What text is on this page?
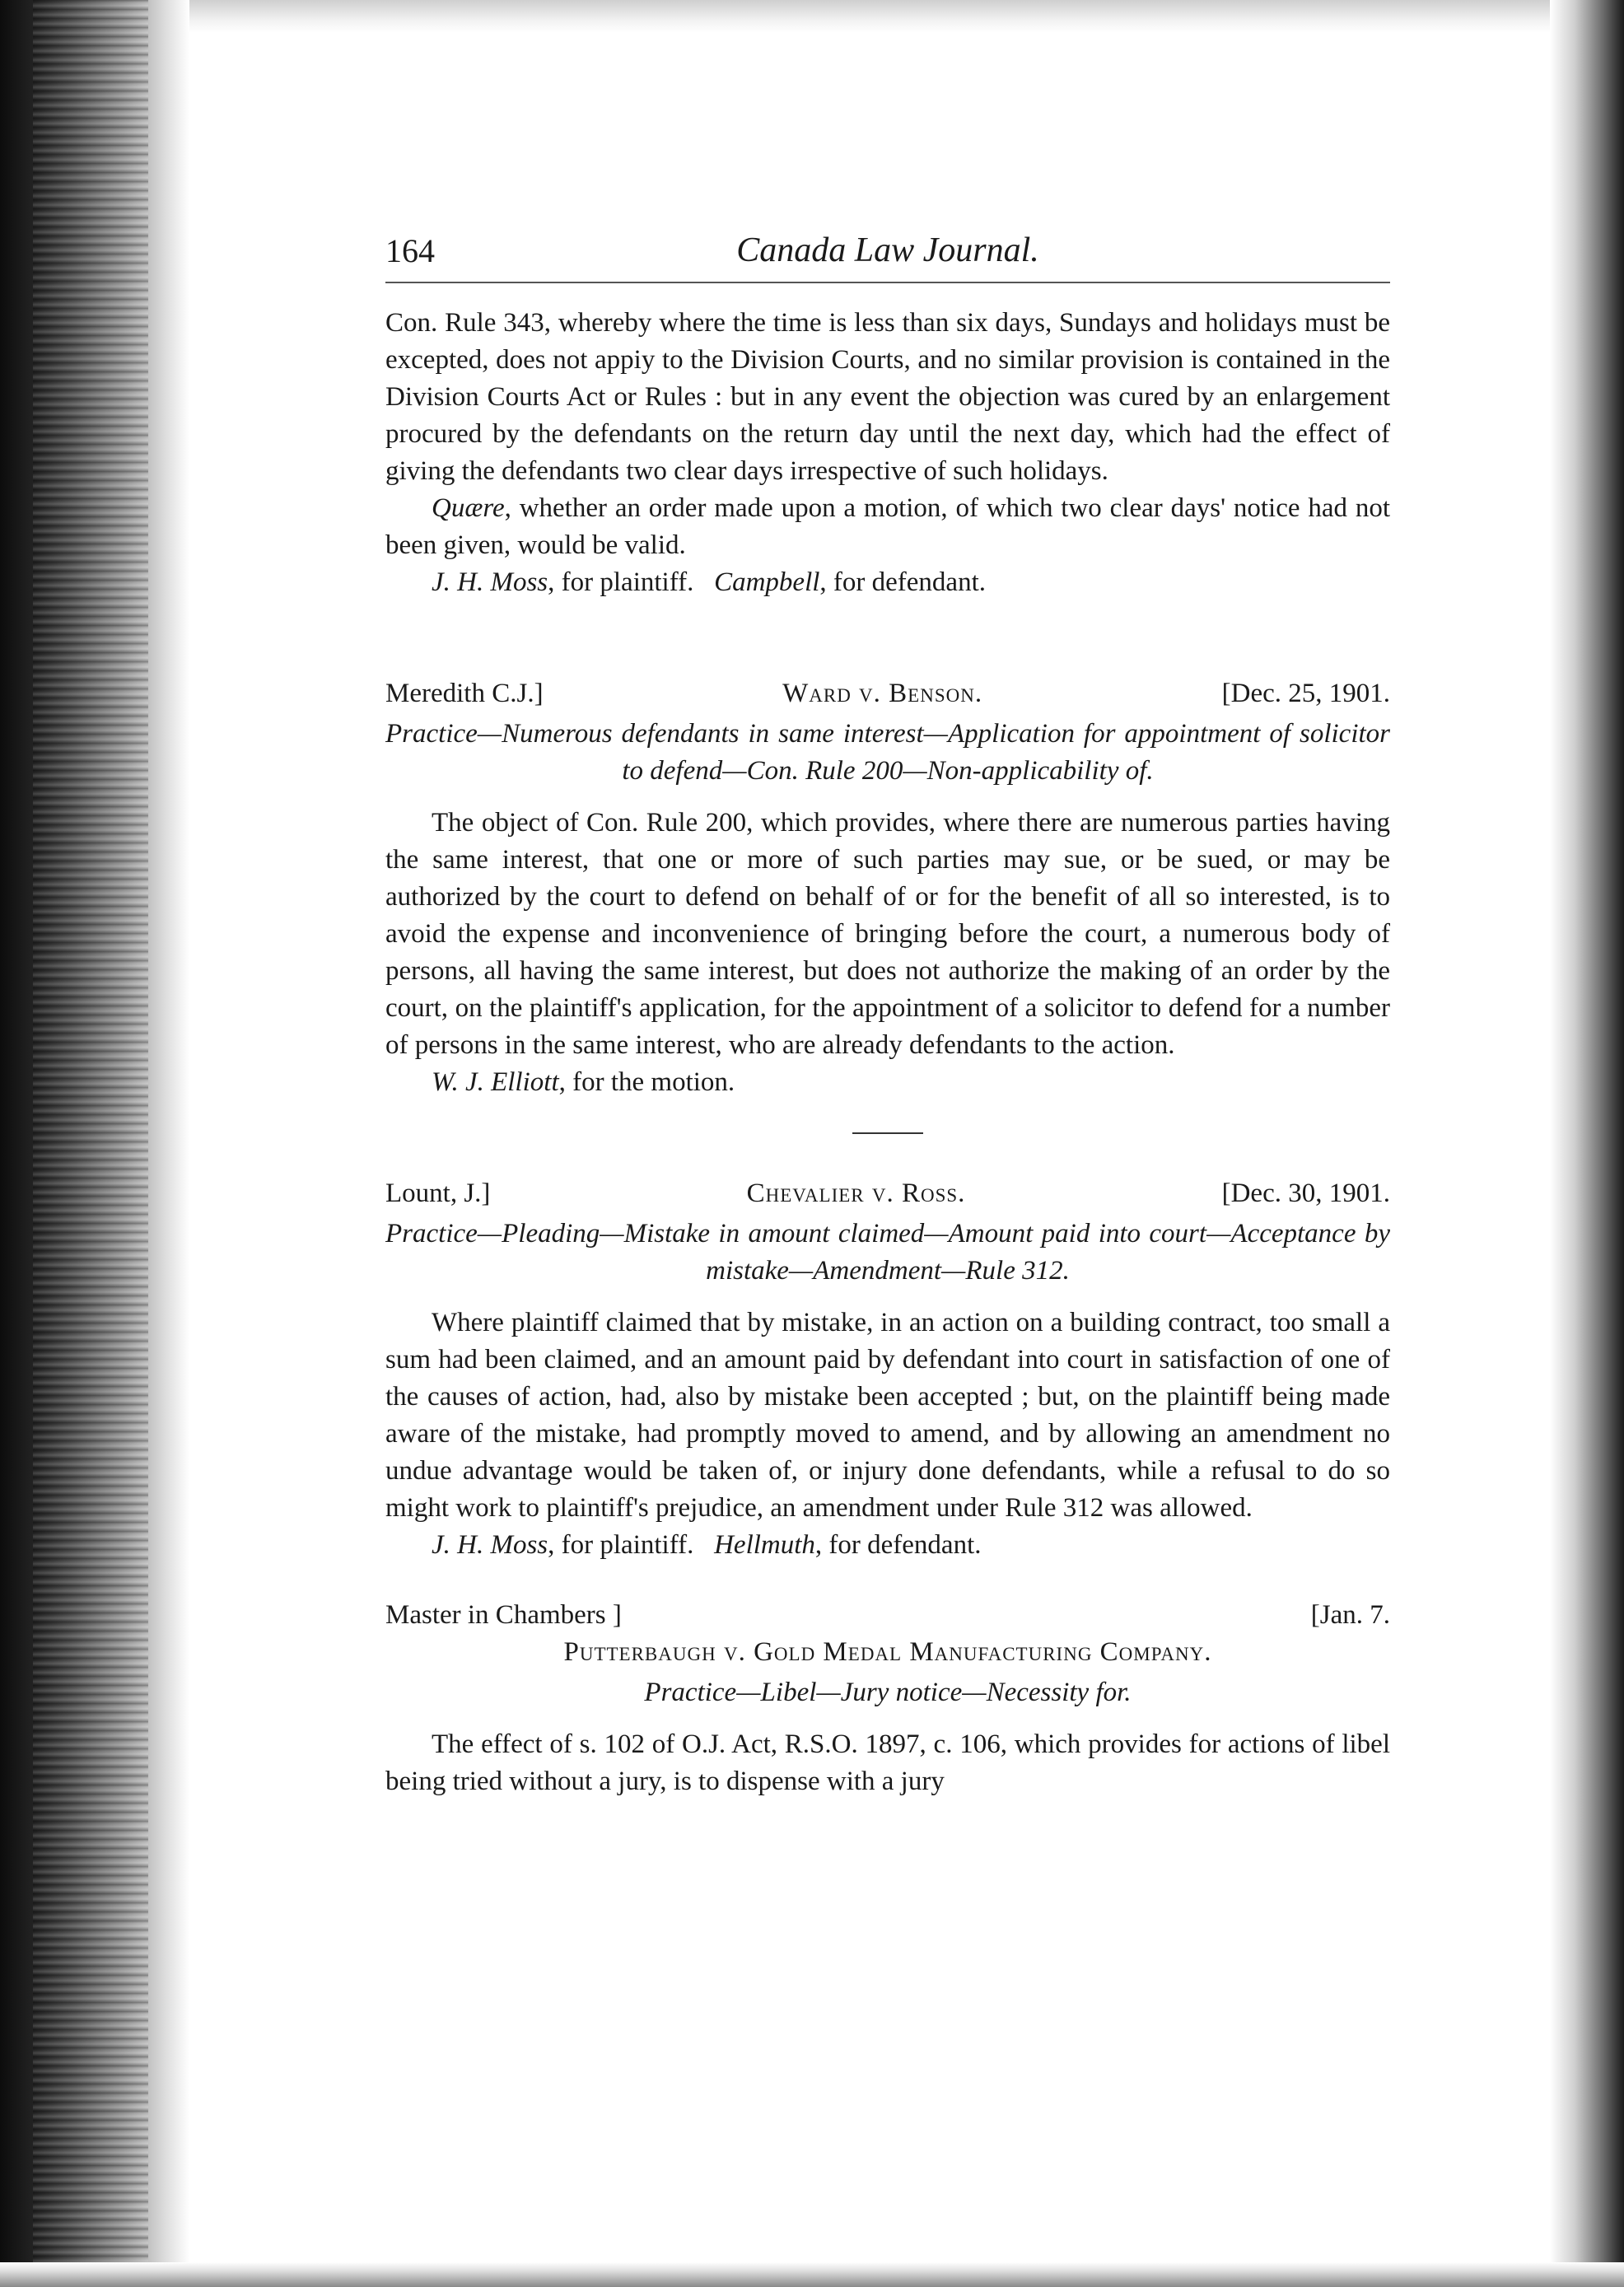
164	Canada Law Journal.

Con. Rule 343, whereby where the time is less than six days, Sundays and holidays must be excepted, does not appiy to the Division Courts, and no similar provision is contained in the Division Courts Act or Rules : but in any event the objection was cured by an enlargement procured by the defendants on the return day until the next day, which had the effect of giving the defendants two clear days irrespective of such holidays.

Quære, whether an order made upon a motion, of which two clear days' notice had not been given, would be valid.

J. H. Moss, for plaintiff. Campbell, for defendant.

Meredith C.J.]	Ward v. Benson.	[Dec. 25, 1901.

Practice—Numerous defendants in same interest—Application for appointment of solicitor to defend—Con. Rule 200—Non-applicability of.

The object of Con. Rule 200, which provides, where there are numerous parties having the same interest, that one or more of such parties may sue, or be sued, or may be authorized by the court to defend on behalf of or for the benefit of all so interested, is to avoid the expense and inconvenience of bringing before the court, a numerous body of persons, all having the same interest, but does not authorize the making of an order by the court, on the plaintiff's application, for the appointment of a solicitor to defend for a number of persons in the same interest, who are already defendants to the action.

W. J. Elliott, for the motion.

Lount, J.]	Chevalier v. Ross.	[Dec. 30, 1901.

Practice—Pleading—Mistake in amount claimed—Amount paid into court—Acceptance by mistake—Amendment—Rule 312.

Where plaintiff claimed that by mistake, in an action on a building contract, too small a sum had been claimed, and an amount paid by defendant into court in satisfaction of one of the causes of action, had, also by mistake been accepted ; but, on the plaintiff being made aware of the mistake, had promptly moved to amend, and by allowing an amendment no undue advantage would be taken of, or injury done defendants, while a refusal to do so might work to plaintiff's prejudice, an amendment under Rule 312 was allowed.

J. H. Moss, for plaintiff. Hellmuth, for defendant.

Master in Chambers ]	[Jan. 7.

Putterbaugh v. Gold Medal Manufacturing Company.

Practice—Libel—Jury notice—Necessity for.

The effect of s. 102 of O.J. Act, R.S.O. 1897, c. 106, which provides for actions of libel being tried without a jury, is to dispense with a jury
